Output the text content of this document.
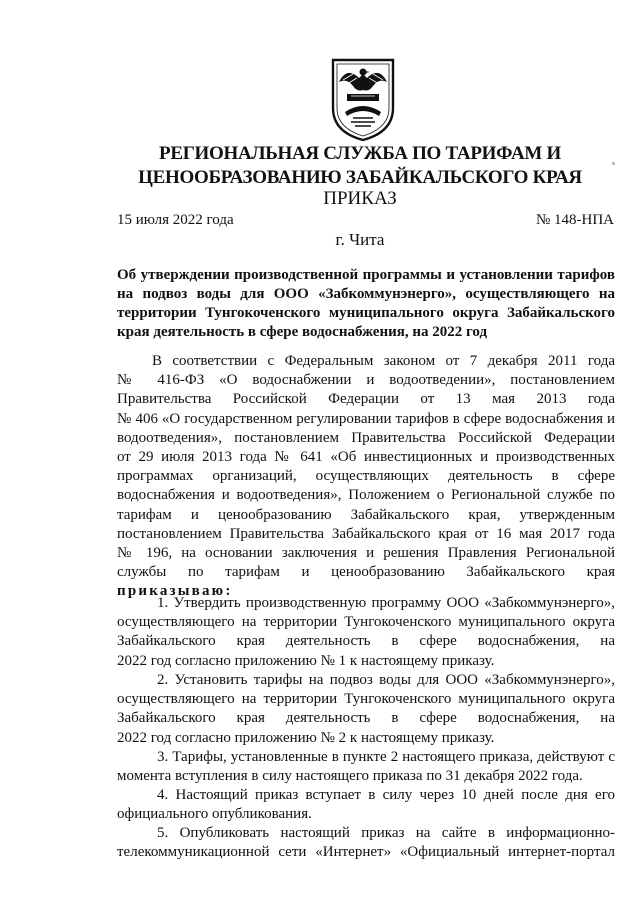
РЕГИОНАЛЬНАЯ СЛУЖБА ПО ТАРИФАМ И
ЦЕНООБРАЗОВАНИЮ ЗАБАЙКАЛЬСКОГО КРАЯ
ПРИКАЗ
15 июля 2022 года	№ 148-НПА
г. Чита
Об утверждении производственной программы и установлении тарифов
на подвоз воды для ООО «Забкоммунэнерго», осуществляющего на
территории Тунгокоченского муниципального округа Забайкальского
края деятельность в сфере водоснабжения, на 2022 год
В соответствии с Федеральным законом от 7 декабря 2011 года
№ 416-ФЗ «О водоснабжении и водоотведении», постановлением
Правительства Российской Федерации от 13 мая 2013 года
№ 406 «О государственном регулировании тарифов в сфере водоснабжения и
водоотведения», постановлением Правительства Российской Федерации
от 29 июля 2013 года № 641 «Об инвестиционных и производственных
программах организаций, осуществляющих деятельность в сфере
водоснабжения и водоотведения», Положением о Региональной службе по
тарифам и ценообразованию Забайкальского края, утвержденным
постановлением Правительства Забайкальского края от 16 мая 2017 года
№ 196, на основании заключения и решения Правления Региональной
службы по тарифам и ценообразованию Забайкальского края
приказываю:
1. Утвердить производственную программу ООО «Забкоммунэнерго»,
осуществляющего на территории Тунгокоченского муниципального округа
Забайкальского края деятельность в сфере водоснабжения, на
2022 год согласно приложению № 1 к настоящему приказу.
2. Установить тарифы на подвоз воды для ООО «Забкоммунэнерго»,
осуществляющего на территории Тунгокоченского муниципального округа
Забайкальского края деятельность в сфере водоснабжения, на
2022 год согласно приложению № 2 к настоящему приказу.
3. Тарифы, установленные в пункте 2 настоящего приказа, действуют с
момента вступления в силу настоящего приказа по 31 декабря 2022 года.
4. Настоящий приказ вступает в силу через 10 дней после дня его
официального опубликования.
5. Опубликовать настоящий приказ на сайте в информационно-
телекоммуникационной сети «Интернет» «Официальный интернет-портал
